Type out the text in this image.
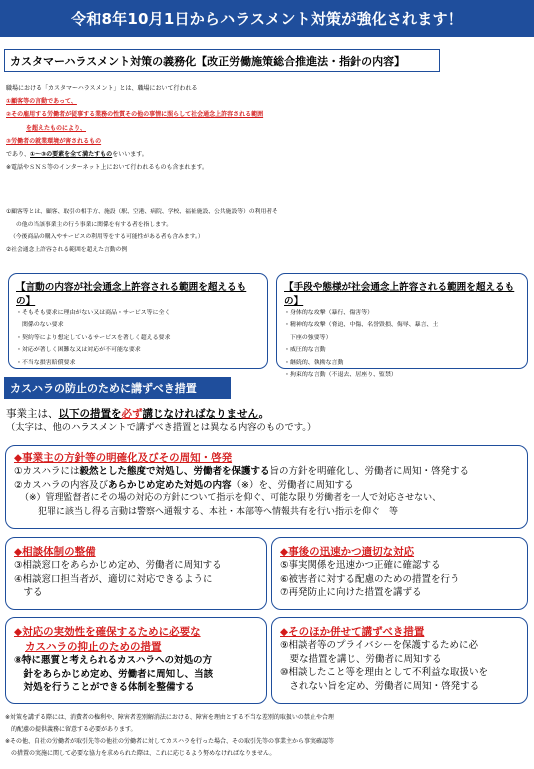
令和8年10月1日からハラスメント対策が強化されます！
カスタマーハラスメント対策の義務化【改正労働施策総合推進法・指針の内容】
職場における「カスタマーハラスメント」とは、職場において行われる
①顧客等の言動であって、
②その雇用する労働者が従事する業務の性質その他の事情に照らして社会通念上許容される範囲
を超えたものにより、
③労働者の就業環境が害されるもの
であり、①～③の要素を全て満たすものをいいます。
※電話やＳＮＳ等のインターネット上において行われるものも含まれます。
①顧客等とは、顧客、取引の相手方、施設（駅、空港、病院、学校、福祉施設、公共施設等）の利用者そ
の他の当該事業主の行う事業に関係を有する者を指します。
（今後商品の購入やサービスの利用等をする可能性がある者も含みます。）
②社会通念上許容される範囲を超えた言動の例
【言動の内容が社会通念上許容される範囲を超えるもの】
・そもそも要求に理由がない又は商品・サービス等に全く
　関係のない要求
・契約等により想定しているサービスを著しく超える要求
・対応が著しく困難な又は対応が不可能な要求
・不当な損害賠償要求
【手段や態様が社会通念上許容される範囲を超えるもの】
・身体的な攻撃（暴行、傷害等）
・精神的な攻撃（脅迫、中傷、名誉毀損、侮辱、暴言、土
　下座の強要等）
・威圧的な言動
・継続的、執拗な言動
・拘束的な言動（不退去、居座り、監禁）
カスハラの防止のために講ずべき措置
事業主は、以下の措置を必ず講じなければなりません。
（太字は、他のハラスメントで講ずべき措置とは異なる内容のものです。）
◆事業主の方針等の明確化及びその周知・啓発
①カスハラには毅然とした態度で対処し、労働者を保護する旨の方針を明確化し、労働者に周知・啓発する
②カスハラの内容及びあらかじめ定めた対処の内容（※）を、労働者に周知する
（※）管理監督者にその場の対応の方針について指示を仰ぐ、可能な限り労働者を一人で対応させない、
犯罪に該当し得る言動は警察へ通報する、本社・本部等へ情報共有を行い指示を仰ぐ　等
◆相談体制の整備
③相談窓口をあらかじめ定め、労働者に周知する
④相談窓口担当者が、適切に対応できるように
　する
◆事後の迅速かつ適切な対応
⑤事実関係を迅速かつ正確に確認する
⑥被害者に対する配慮のための措置を行う
⑦再発防止に向けた措置を講ずる
◆対応の実効性を確保するために必要な
カスハラの抑止のための措置
⑧特に悪質と考えられるカスハラへの対処の方
　針をあらかじめ定め、労働者に周知し、当該
　対処を行うことができる体制を整備する
◆そのほか併せて講ずべき措置
⑨相談者等のプライバシーを保護するために必
　要な措置を講じ、労働者に周知する
⑩相談したこと等を理由として不利益な取扱いを
　されない旨を定め、労働者に周知・啓発する
※対策を講ずる際には、消費者の権利や、障害者差別解消法における、障害を理由とする不当な差別的取扱いの禁止や合理
　的配慮の提供義務に留意する必要があります。
※その他、自社の労働者が取引先等の他社の労働者に対してカスハラを行った場合、その取引先等の事業主から事実確認等
　の措置の実施に関して必要な協力を求められた際は、これに応じるよう努めなければなりません。
